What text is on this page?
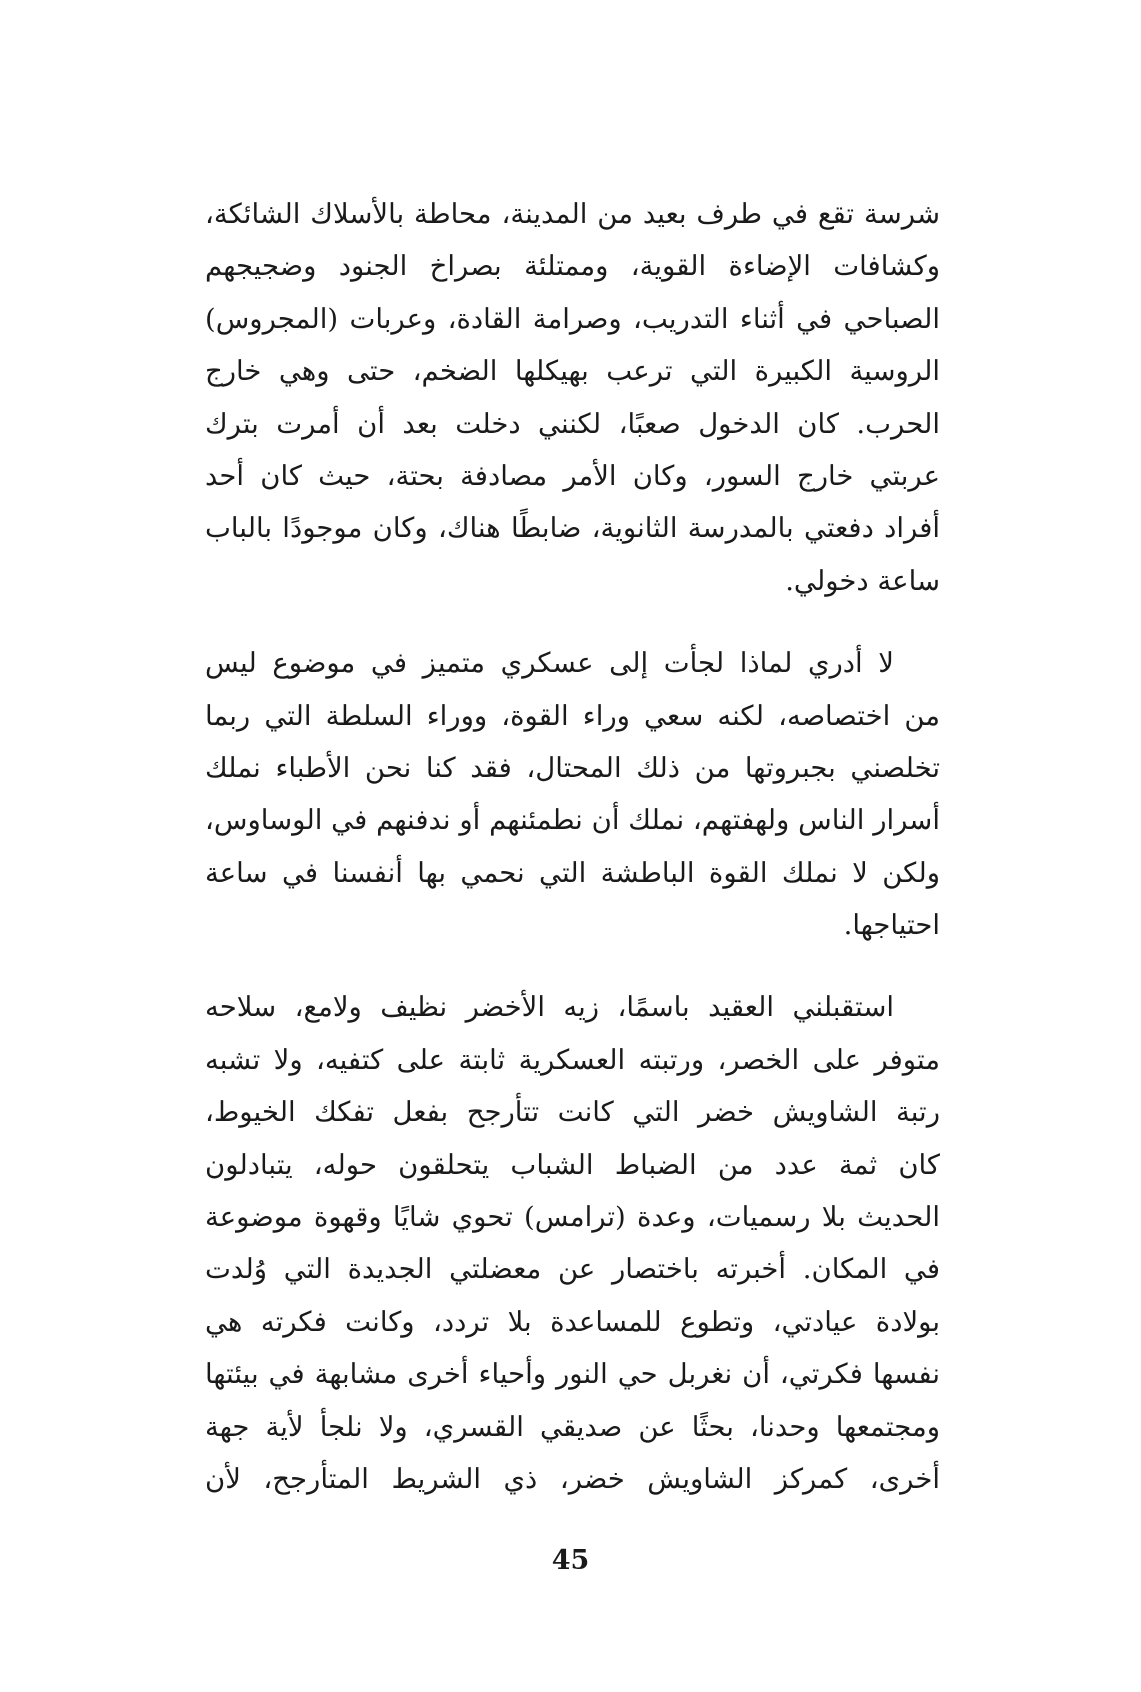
شرسة تقع في طرف بعيد من المدينة، محاطة بالأسلاك الشائكة،
وكشافات الإضاءة القوية، وممتلئة بصراخ الجنود وضجيجهم
الصباحي في أثناء التدريب، وصرامة القادة، وعربات (المجروس)
الروسية الكبيرة التي ترعب بهيكلها الضخم، حتى وهي خارج
الحرب. كان الدخول صعبًا، لكنني دخلت بعد أن أمرت بترك
عربتي خارج السور، وكان الأمر مصادفة بحتة، حيث كان أحد
أفراد دفعتي بالمدرسة الثانوية، ضابطًا هناك، وكان موجودًا بالباب
ساعة دخولي.
لا أدري لماذا لجأت إلى عسكري متميز في موضوع ليس
من اختصاصه، لكنه سعي وراء القوة، ووراء السلطة التي ربما
تخلصني بجبروتها من ذلك المحتال، فقد كنا نحن الأطباء نملك
أسرار الناس ولهفتهم، نملك أن نطمئنهم أو ندفنهم في الوساوس،
ولكن لا نملك القوة الباطشة التي نحمي بها أنفسنا في ساعة
احتياجها.
استقبلني العقيد باسمًا، زيه الأخضر نظيف ولامع، سلاحه
متوفر على الخصر، ورتبته العسكرية ثابتة على كتفيه، ولا تشبه
رتبة الشاويش خضر التي كانت تتأرجح بفعل تفكك الخيوط،
كان ثمة عدد من الضباط الشباب يتحلقون حوله، يتبادلون
الحديث بلا رسميات، وعدة (ترامس) تحوي شايًا وقهوة موضوعة
في المكان. أخبرته باختصار عن معضلتي الجديدة التي وُلدت
بولادة عيادتي، وتطوع للمساعدة بلا تردد، وكانت فكرته هي
نفسها فكرتي، أن نغربل حي النور وأحياء أخرى مشابهة في بيئتها
ومجتمعها وحدنا، بحثًا عن صديقي القسري، ولا نلجأ لأية جهة
أخرى، كمركز الشاويش خضر، ذي الشريط المتأرجح، لأن
45
